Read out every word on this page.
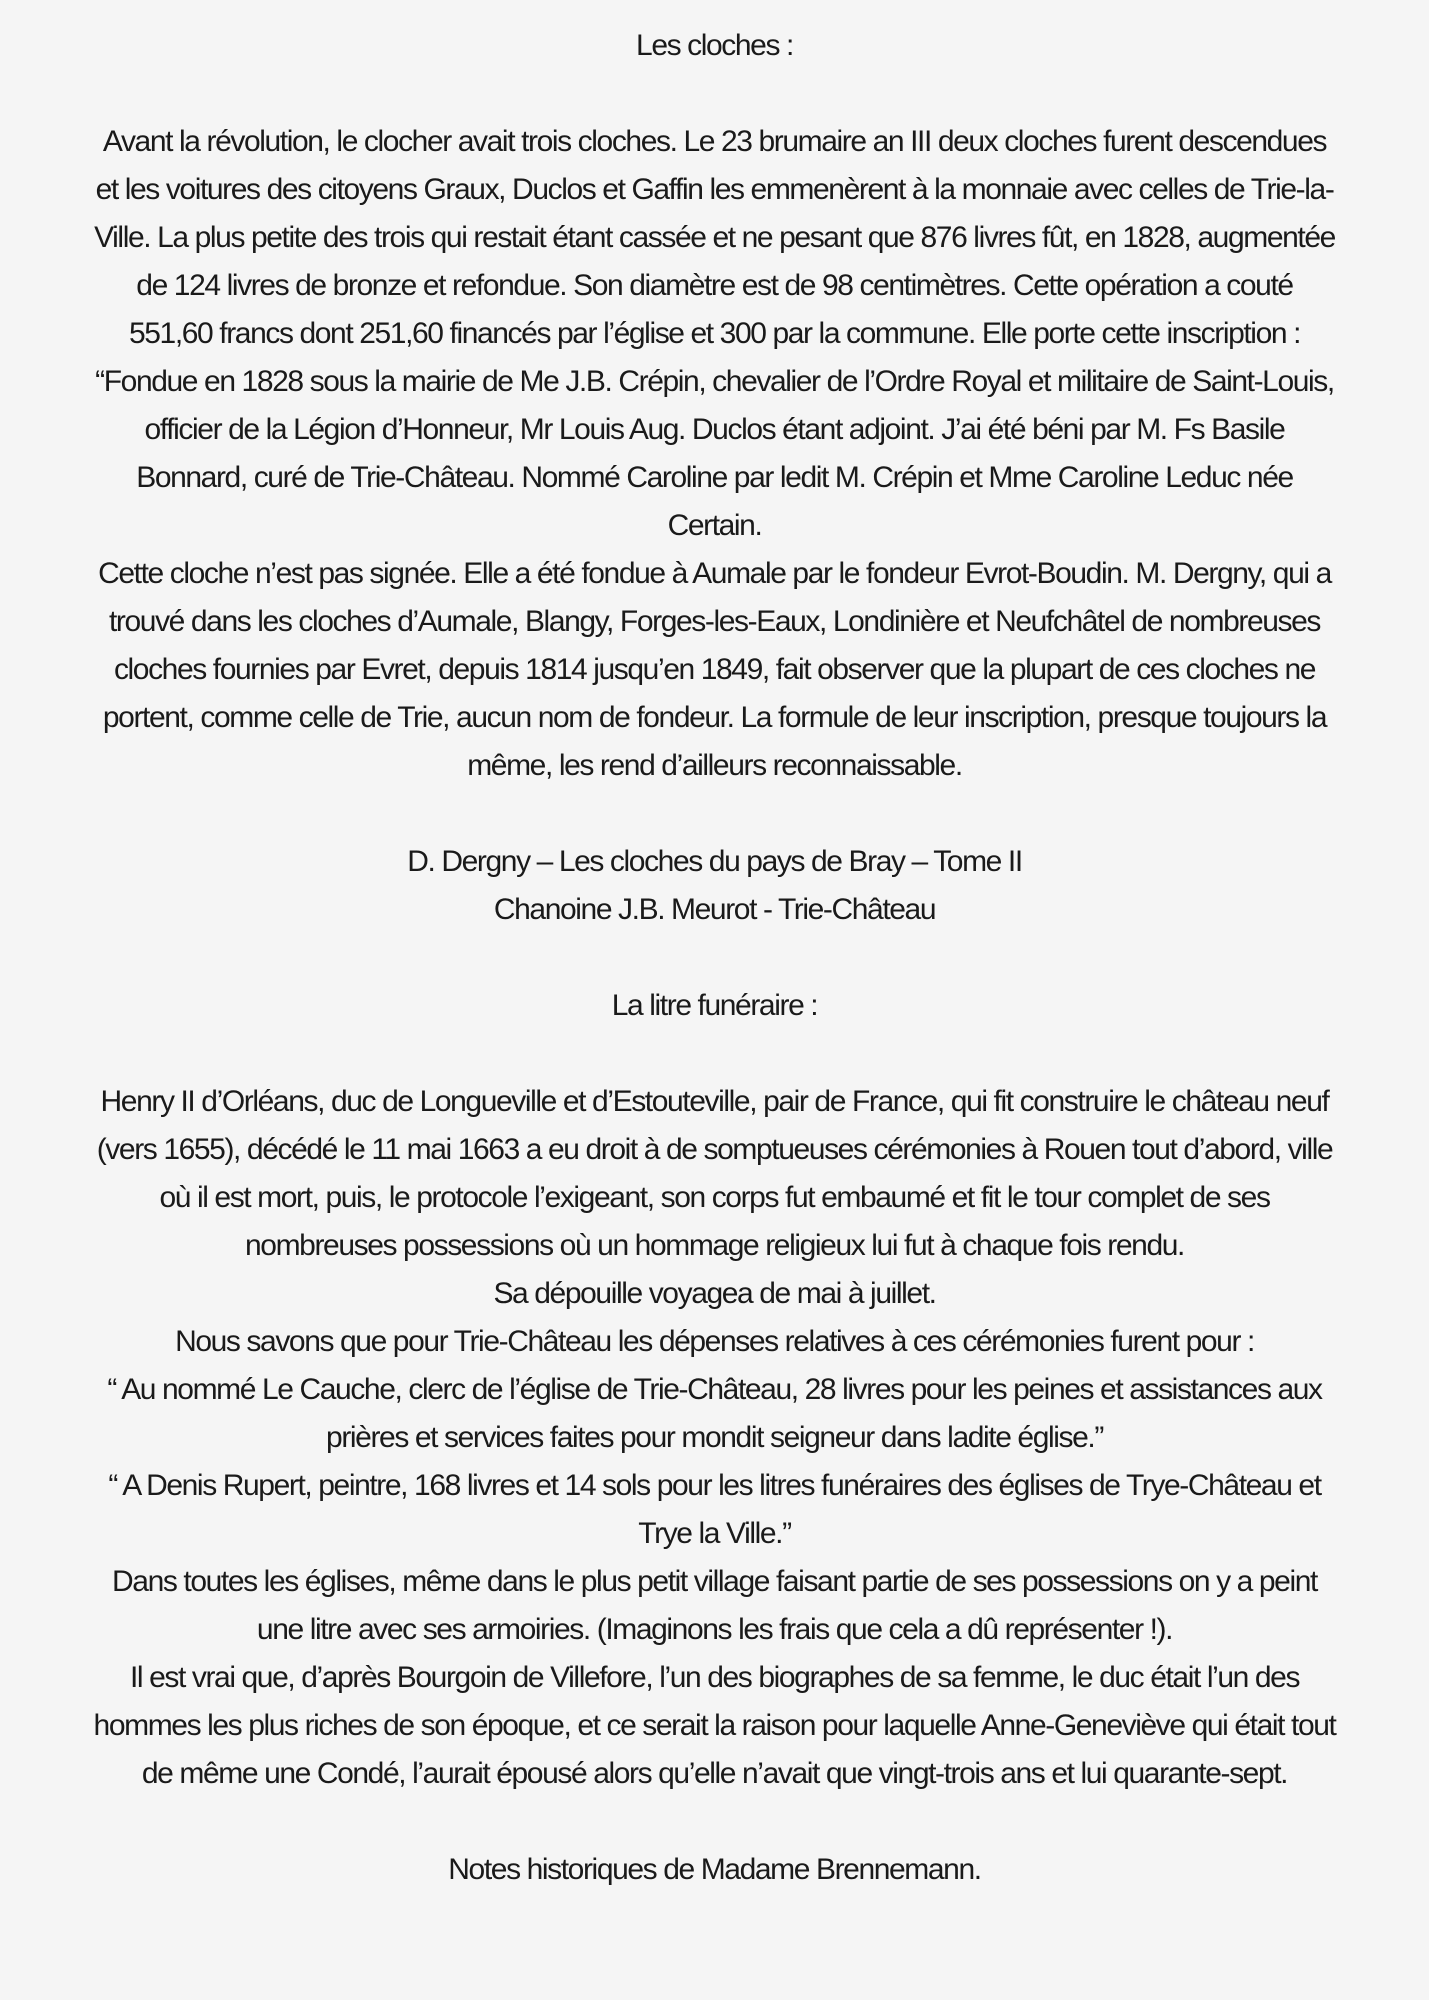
Les cloches :
Avant la révolution, le clocher avait trois cloches. Le 23 brumaire an III deux cloches furent descendues
et les voitures des citoyens Graux, Duclos et Gaffin les emmenèrent à la monnaie avec celles de Trie-la-
Ville. La plus petite des trois qui restait étant cassée et ne pesant que 876 livres fût, en 1828, augmentée
de 124 livres de bronze et refondue. Son diamètre est de 98 centimètres. Cette opération a couté
551,60 francs dont 251,60 financés par l’église et 300 par la commune. Elle porte cette inscription :
“Fondue en 1828 sous la mairie de Me J.B. Crépin, chevalier de l’Ordre Royal et militaire de Saint-Louis,
officier de la Légion d’Honneur, Mr Louis Aug. Duclos étant adjoint. J’ai été béni par M. Fs Basile
Bonnard, curé de Trie-Château. Nommé Caroline par ledit M. Crépin et Mme Caroline Leduc née
Certain.
Cette cloche n’est pas signée. Elle a été fondue à Aumale par le fondeur Evrot-Boudin. M. Dergny, qui a
trouvé dans les cloches d’Aumale, Blangy, Forges-les-Eaux, Londinière et Neufchâtel de nombreuses
cloches fournies par Evret, depuis 1814 jusqu’en 1849, fait observer que la plupart de ces cloches ne
portent, comme celle de Trie, aucun nom de fondeur. La formule de leur inscription, presque toujours la
même, les rend d’ailleurs reconnaissable.
D. Dergny – Les cloches du pays de Bray – Tome II
Chanoine J.B. Meurot - Trie-Château
La litre funéraire :
Henry II d’Orléans, duc de Longueville et d’Estouteville, pair de France, qui fit construire le château neuf
(vers 1655), décédé le 11 mai 1663 a eu droit à de somptueuses cérémonies à Rouen tout d’abord, ville
où il est mort, puis, le protocole l’exigeant, son corps fut embaumé et fit le tour complet de ses
nombreuses possessions où un hommage religieux lui fut à chaque fois rendu.
Sa dépouille voyagea de mai à juillet.
Nous savons que pour Trie-Château les dépenses relatives à ces cérémonies furent pour :
“ Au nommé Le Cauche, clerc de l’église de Trie-Château, 28 livres pour les peines et assistances aux
prières et services faites pour mondit seigneur dans ladite église.”
“ A Denis Rupert, peintre, 168 livres et 14 sols pour les litres funéraires des églises de Trye-Château et
Trye la Ville.”
Dans toutes les églises, même dans le plus petit village faisant partie de ses possessions on y a peint
une litre avec ses armoiries. (Imaginons les frais que cela a dû représenter !).
Il est vrai que, d’après Bourgoin de Villefore, l’un des biographes de sa femme, le duc était l’un des
hommes les plus riches de son époque, et ce serait la raison pour laquelle Anne-Geneviève qui était tout
de même une Condé, l’aurait épousé alors qu’elle n’avait que vingt-trois ans et lui quarante-sept.
Notes historiques de Madame Brennemann.
